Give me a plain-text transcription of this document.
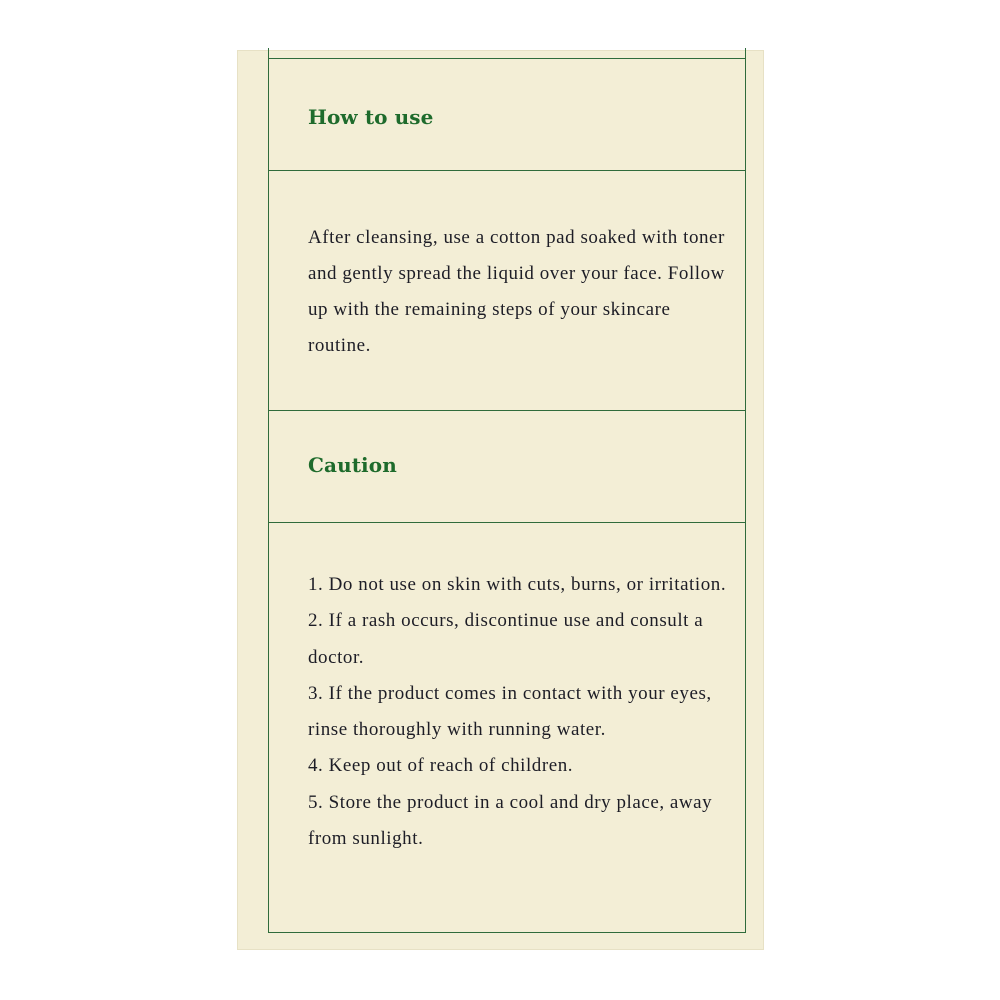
How to use

After cleansing, use a cotton pad soaked with toner and gently spread the liquid over your face. Follow up with the remaining steps of your skincare routine.

Caution
1. Do not use on skin with cuts, burns, or irritation.
2. If a rash occurs, discontinue use and consult a doctor.
3. If the product comes in contact with your eyes, rinse thoroughly with running water.
4. Keep out of reach of children.
5. Store the product in a cool and dry place, away from sunlight.
